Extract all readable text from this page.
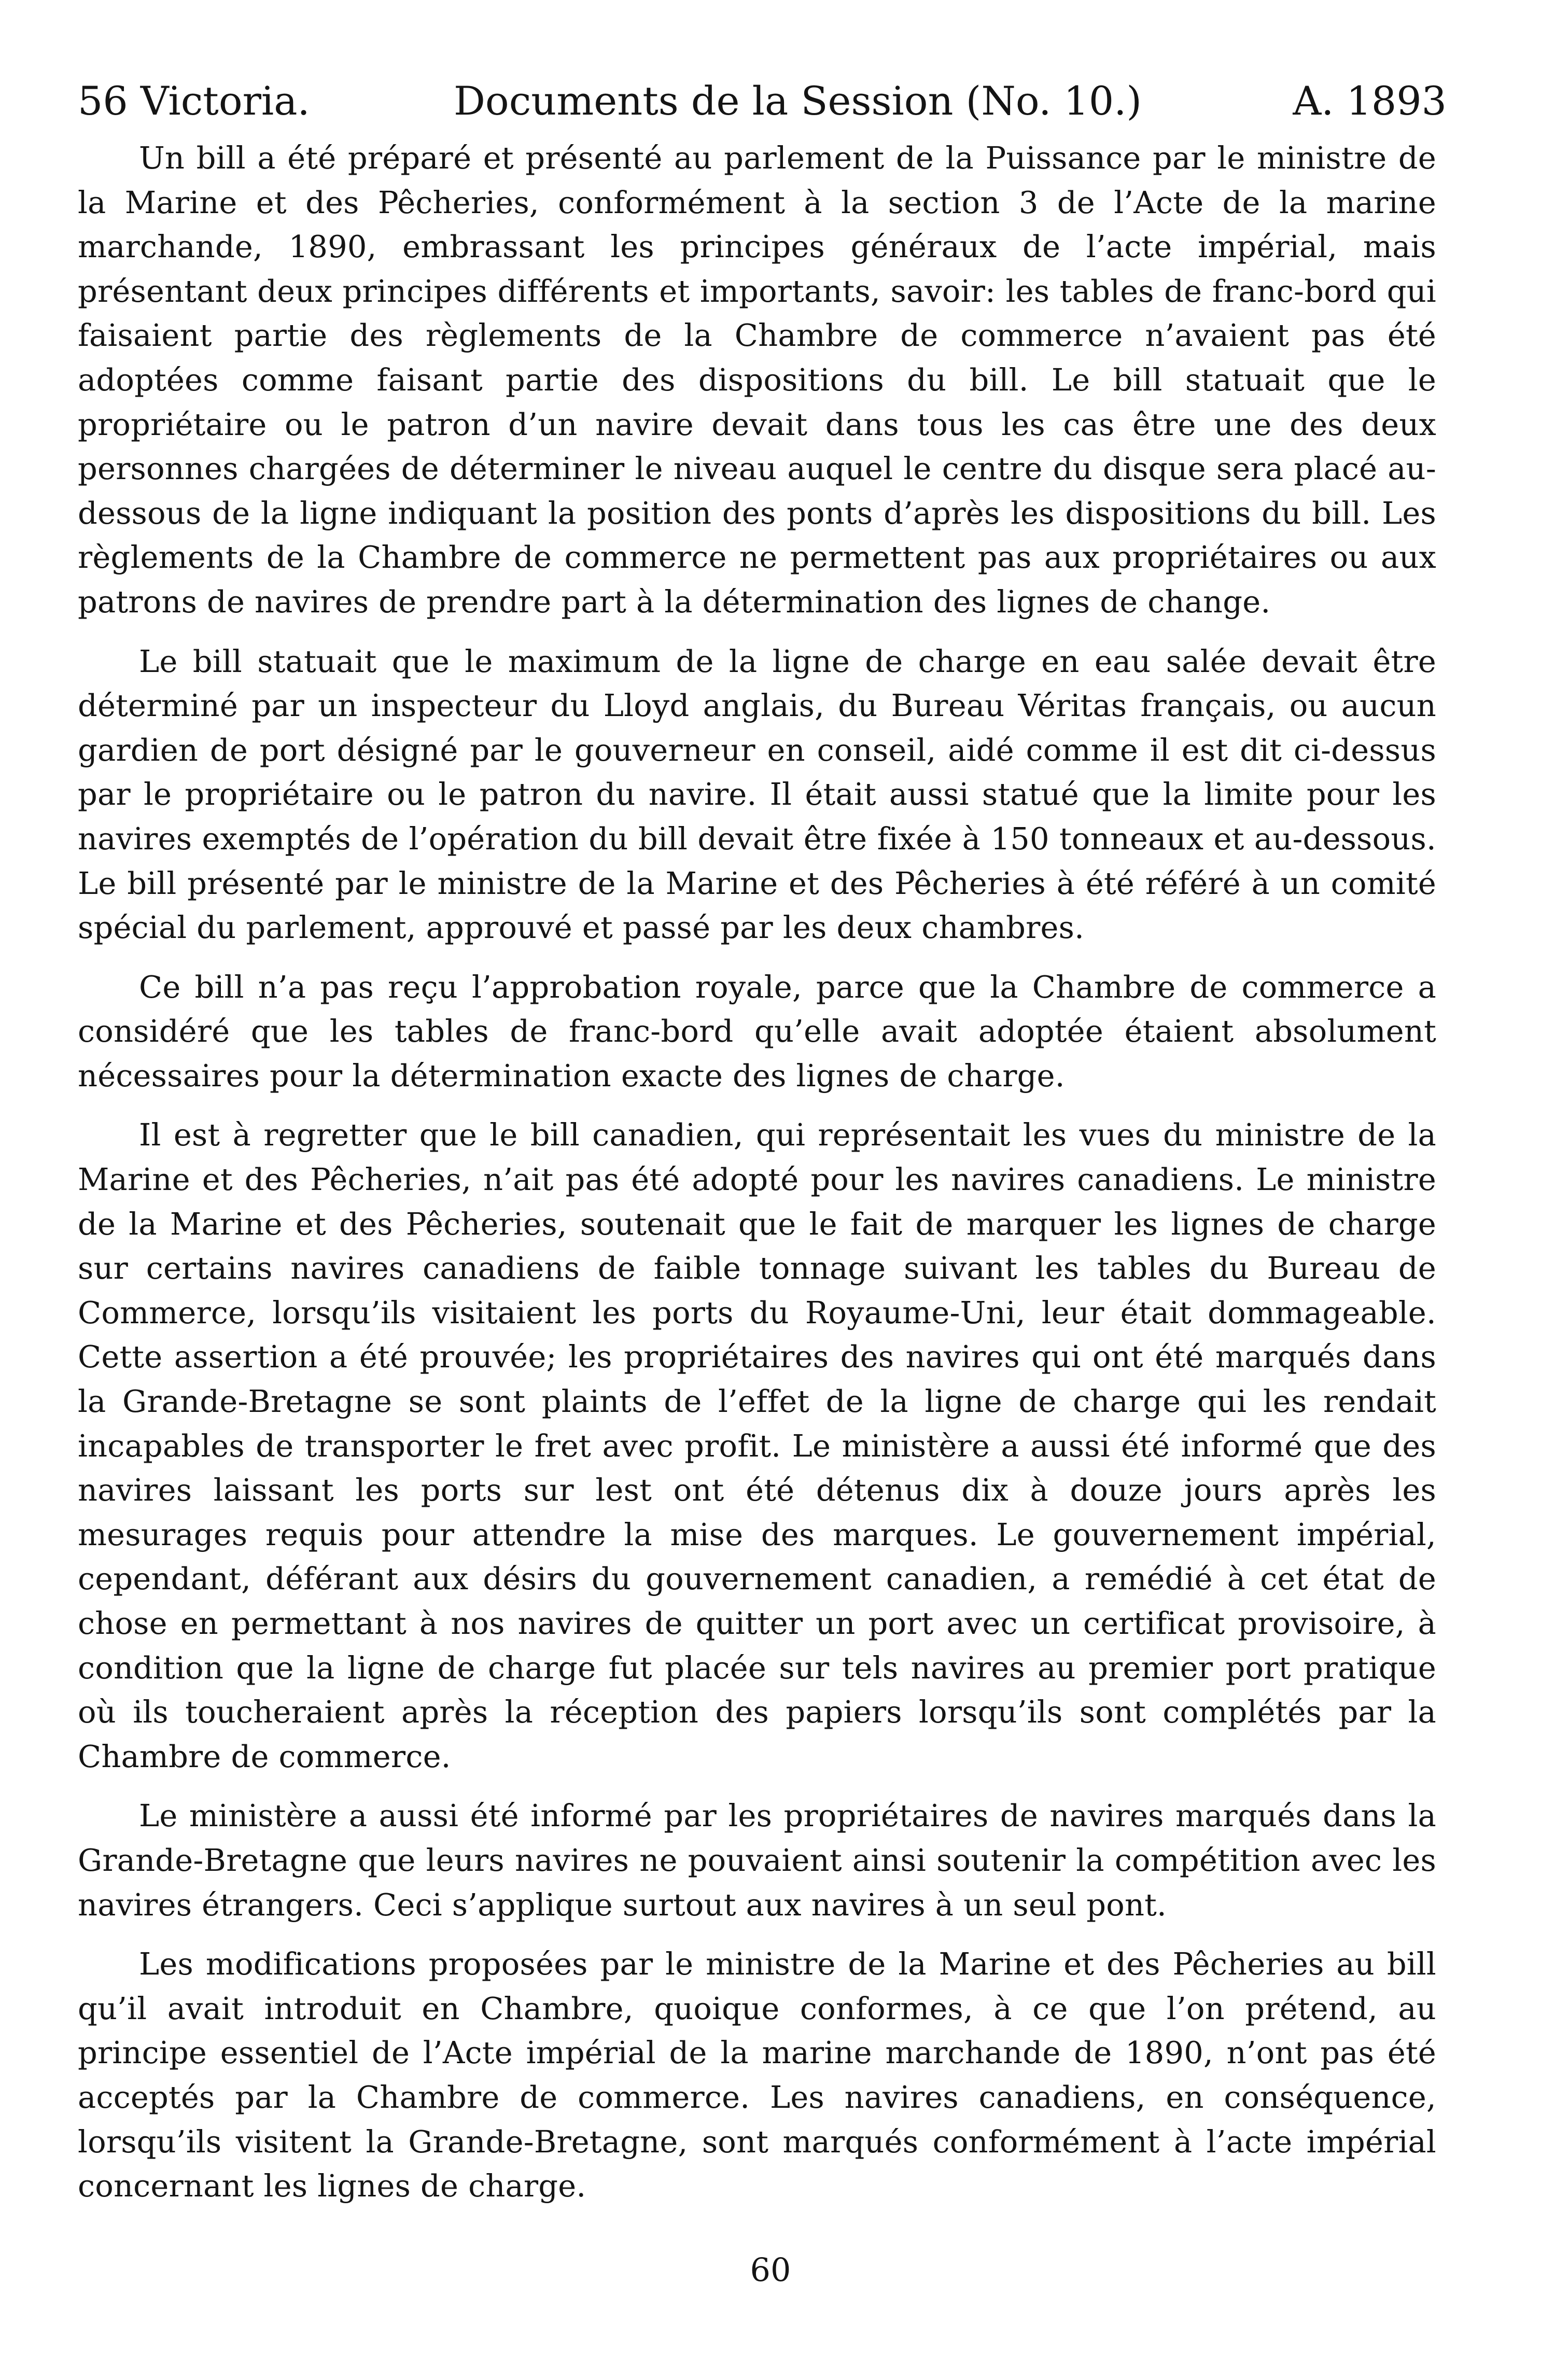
56 Victoria.	Documents de la Session (No. 10.)	A. 1893

Un bill a été préparé et présenté au parlement de la Puissance par le ministre de la Marine et des Pêcheries, conformément à la section 3 de l’Acte de la marine marchande, 1890, embrassant les principes généraux de l’acte impérial, mais présentant deux principes différents et importants, savoir: les tables de franc-bord qui faisaient partie des règlements de la Chambre de commerce n’avaient pas été adoptées comme faisant partie des dispositions du bill. Le bill statuait que le propriétaire ou le patron d’un navire devait dans tous les cas être une des deux personnes chargées de déterminer le niveau auquel le centre du disque sera placé au-dessous de la ligne indiquant la position des ponts d’après les dispositions du bill. Les règlements de la Chambre de commerce ne permettent pas aux propriétaires ou aux patrons de navires de prendre part à la détermination des lignes de change.

Le bill statuait que le maximum de la ligne de charge en eau salée devait être déterminé par un inspecteur du Lloyd anglais, du Bureau Véritas français, ou aucun gardien de port désigné par le gouverneur en conseil, aidé comme il est dit ci-dessus par le propriétaire ou le patron du navire. Il était aussi statué que la limite pour les navires exemptés de l’opération du bill devait être fixée à 150 tonneaux et au-dessous. Le bill présenté par le ministre de la Marine et des Pêcheries à été référé à un comité spécial du parlement, approuvé et passé par les deux chambres.

Ce bill n’a pas reçu l’approbation royale, parce que la Chambre de commerce a considéré que les tables de franc-bord qu’elle avait adoptée étaient absolument nécessaires pour la détermination exacte des lignes de charge.

Il est à regretter que le bill canadien, qui représentait les vues du ministre de la Marine et des Pêcheries, n’ait pas été adopté pour les navires canadiens. Le ministre de la Marine et des Pêcheries, soutenait que le fait de marquer les lignes de charge sur certains navires canadiens de faible tonnage suivant les tables du Bureau de Commerce, lorsqu’ils visitaient les ports du Royaume-Uni, leur était dommageable. Cette assertion a été prouvée; les propriétaires des navires qui ont été marqués dans la Grande-Bretagne se sont plaints de l’effet de la ligne de charge qui les rendait incapables de transporter le fret avec profit. Le ministère a aussi été informé que des navires laissant les ports sur lest ont été détenus dix à douze jours après les mesurages requis pour attendre la mise des marques. Le gouvernement impérial, cependant, déférant aux désirs du gouvernement canadien, a remédié à cet état de chose en permettant à nos navires de quitter un port avec un certificat provisoire, à condition que la ligne de charge fut placée sur tels navires au premier port pratique où ils toucheraient après la réception des papiers lorsqu’ils sont complétés par la Chambre de commerce.

Le ministère a aussi été informé par les propriétaires de navires marqués dans la Grande-Bretagne que leurs navires ne pouvaient ainsi soutenir la compétition avec les navires étrangers. Ceci s’applique surtout aux navires à un seul pont.

Les modifications proposées par le ministre de la Marine et des Pêcheries au bill qu’il avait introduit en Chambre, quoique conformes, à ce que l’on prétend, au principe essentiel de l’Acte impérial de la marine marchande de 1890, n’ont pas été acceptés par la Chambre de commerce. Les navires canadiens, en conséquence, lorsqu’ils visitent la Grande-Bretagne, sont marqués conformément à l’acte impérial concernant les lignes de charge.

60
